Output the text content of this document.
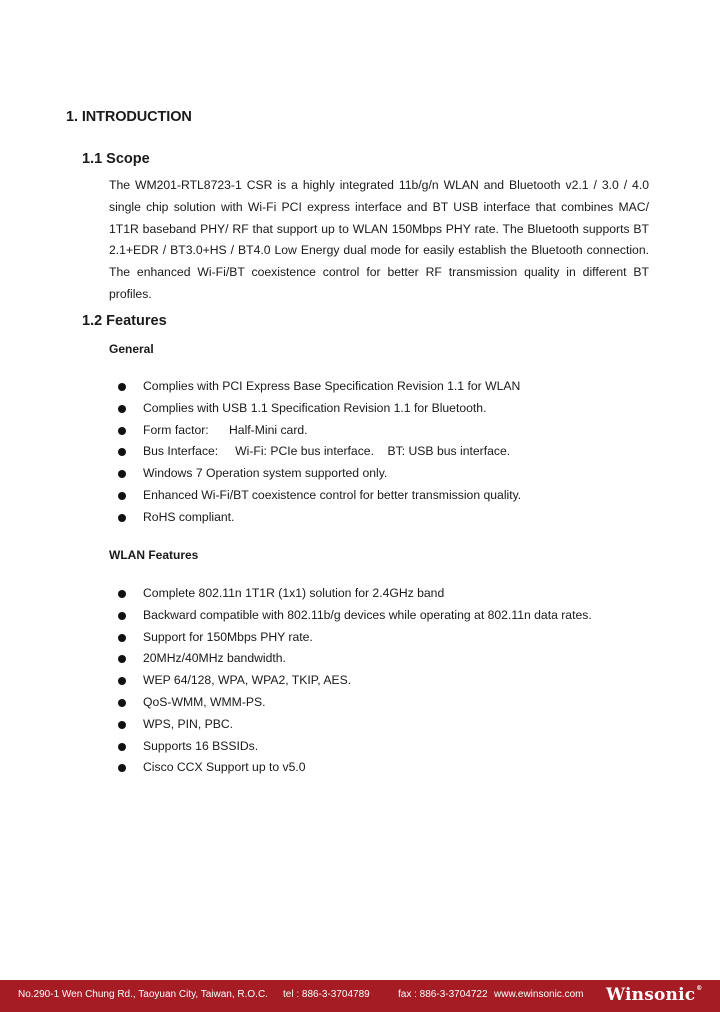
1. INTRODUCTION
1.1 Scope
The WM201-RTL8723-1 CSR is a highly integrated 11b/g/n WLAN and Bluetooth v2.1 / 3.0 / 4.0 single chip solution with Wi-Fi PCI express interface and BT USB interface that combines MAC/ 1T1R baseband PHY/ RF that support up to WLAN 150Mbps PHY rate. The Bluetooth supports BT 2.1+EDR / BT3.0+HS / BT4.0 Low Energy dual mode for easily establish the Bluetooth connection. The enhanced Wi-Fi/BT coexistence control for better RF transmission quality in different BT profiles.
1.2 Features
General
Complies with PCI Express Base Specification Revision 1.1 for WLAN
Complies with USB 1.1 Specification Revision 1.1 for Bluetooth.
Form factor:      Half-Mini card.
Bus Interface:     Wi-Fi: PCIe bus interface.    BT: USB bus interface.
Windows 7 Operation system supported only.
Enhanced Wi-Fi/BT coexistence control for better transmission quality.
RoHS compliant.
WLAN Features
Complete 802.11n 1T1R (1x1) solution for 2.4GHz band
Backward compatible with 802.11b/g devices while operating at 802.11n data rates.
Support for 150Mbps PHY rate.
20MHz/40MHz bandwidth.
WEP 64/128, WPA, WPA2, TKIP, AES.
QoS-WMM, WMM-PS.
WPS, PIN, PBC.
Supports 16 BSSIDs.
Cisco CCX Support up to v5.0
No.290-1 Wen Chung Rd., Taoyuan City, Taiwan, R.O.C. tel : 886-3-3704789	fax : 886-3-3704722 www.ewinsonic.com Winsonic®
